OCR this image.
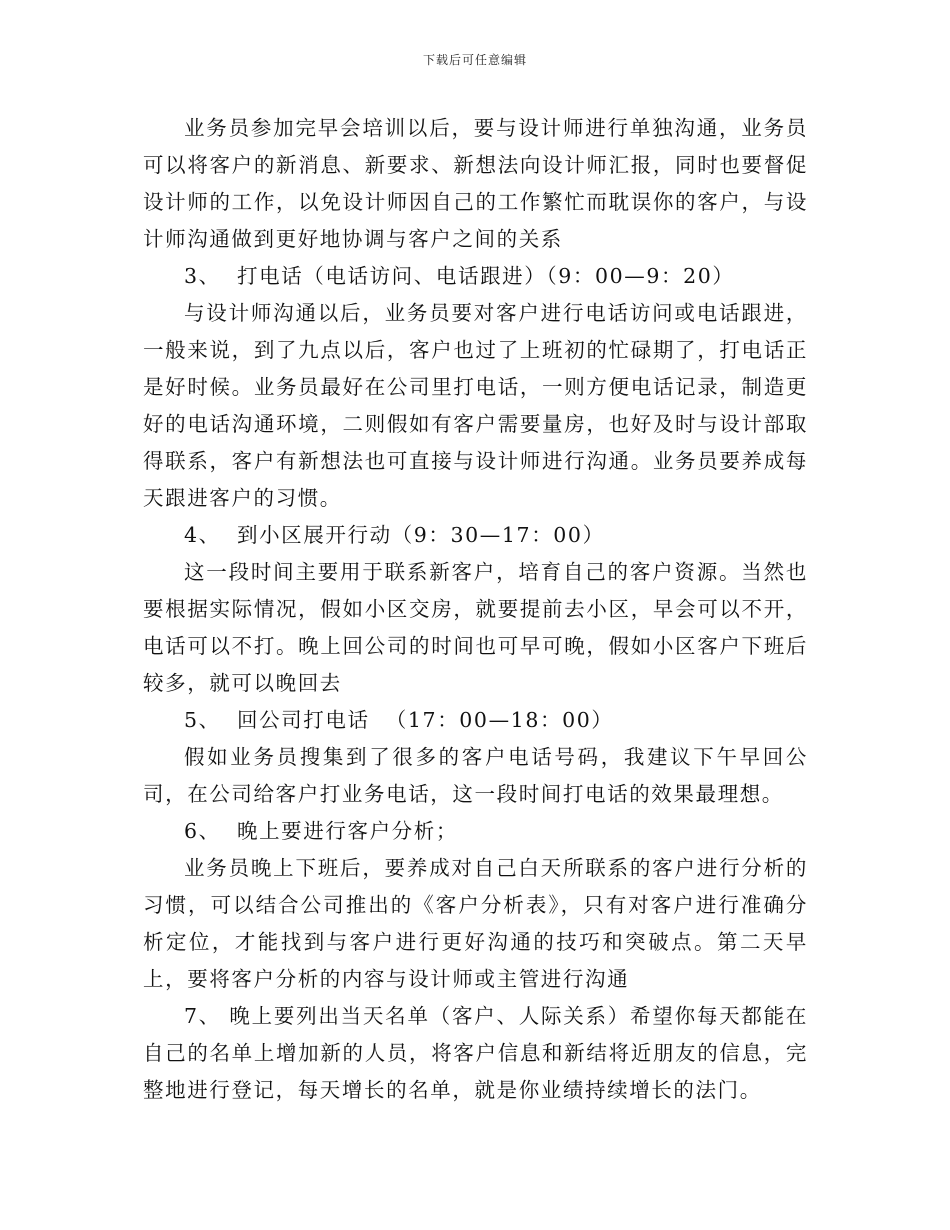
下载后可任意编辑

业务员参加完早会培训以后，要与设计师进行单独沟通，业务员可以将客户的新消息、新要求、新想法向设计师汇报，同时也要督促设计师的工作，以免设计师因自己的工作繁忙而耽误你的客户，与设计师沟通做到更好地协调与客户之间的关系

3、  打电话（电话访问、电话跟进）（9：00—9：20）

与设计师沟通以后，业务员要对客户进行电话访问或电话跟进，一般来说，到了九点以后，客户也过了上班初的忙碌期了，打电话正是好时候。业务员最好在公司里打电话，一则方便电话记录，制造更好的电话沟通环境，二则假如有客户需要量房，也好及时与设计部取得联系，客户有新想法也可直接与设计师进行沟通。业务员要养成每天跟进客户的习惯。

4、  到小区展开行动（9：30—17：00）

这一段时间主要用于联系新客户，培育自己的客户资源。当然也要根据实际情况，假如小区交房，就要提前去小区，早会可以不开，电话可以不打。晚上回公司的时间也可早可晚，假如小区客户下班后较多，就可以晚回去

5、  回公司打电话  （17：00—18：00）

假如业务员搜集到了很多的客户电话号码，我建议下午早回公司，在公司给客户打业务电话，这一段时间打电话的效果最理想。

6、  晚上要进行客户分析；

业务员晚上下班后，要养成对自己白天所联系的客户进行分析的习惯，可以结合公司推出的《客户分析表》，只有对客户进行准确分析定位，才能找到与客户进行更好沟通的技巧和突破点。第二天早上，要将客户分析的内容与设计师或主管进行沟通

7、 晚上要列出当天名单（客户、人际关系）希望你每天都能在自己的名单上增加新的人员，将客户信息和新结将近朋友的信息，完整地进行登记，每天增长的名单，就是你业绩持续增长的法门。
